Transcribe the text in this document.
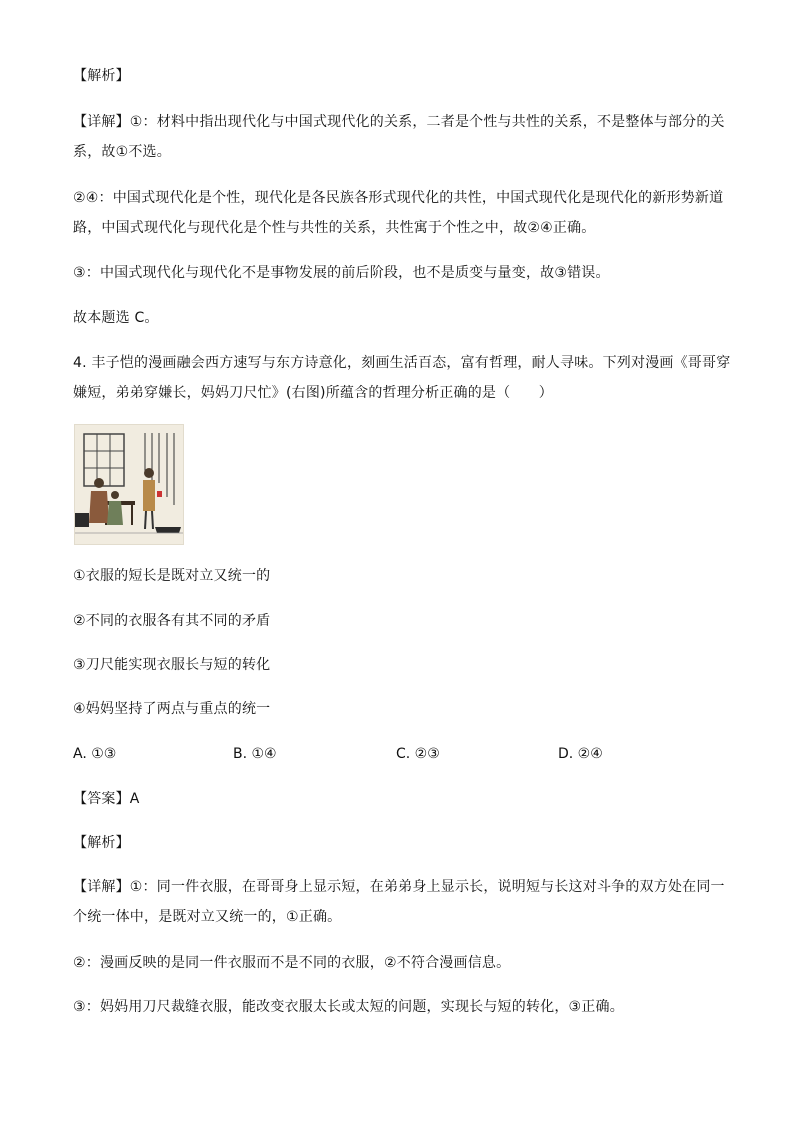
【解析】
【详解】①：材料中指出现代化与中国式现代化的关系，二者是个性与共性的关系，不是整体与部分的关
系，故①不选。
②④：中国式现代化是个性，现代化是各民族各形式现代化的共性，中国式现代化是现代化的新形势新道
路，中国式现代化与现代化是个性与共性的关系，共性寓于个性之中，故②④正确。
③：中国式现代化与现代化不是事物发展的前后阶段，也不是质变与量变，故③错误。
故本题选 C。
4. 丰子恺的漫画融会西方速写与东方诗意化，刻画生活百态，富有哲理，耐人寻味。下列对漫画《哥哥穿
嫌短，弟弟穿嫌长，妈妈刀尺忙》(右图)所蕴含的哲理分析正确的是（　　）
①衣服的短长是既对立又统一的
②不同的衣服各有其不同的矛盾
③刀尺能实现衣服长与短的转化
④妈妈坚持了两点与重点的统一
A. ①③	B. ①④	C. ②③	D. ②④
【答案】A
【解析】
【详解】①：同一件衣服，在哥哥身上显示短，在弟弟身上显示长，说明短与长这对斗争的双方处在同一
个统一体中，是既对立又统一的，①正确。
②：漫画反映的是同一件衣服而不是不同的衣服，②不符合漫画信息。
③：妈妈用刀尺裁缝衣服，能改变衣服太长或太短的问题，实现长与短的转化，③正确。
